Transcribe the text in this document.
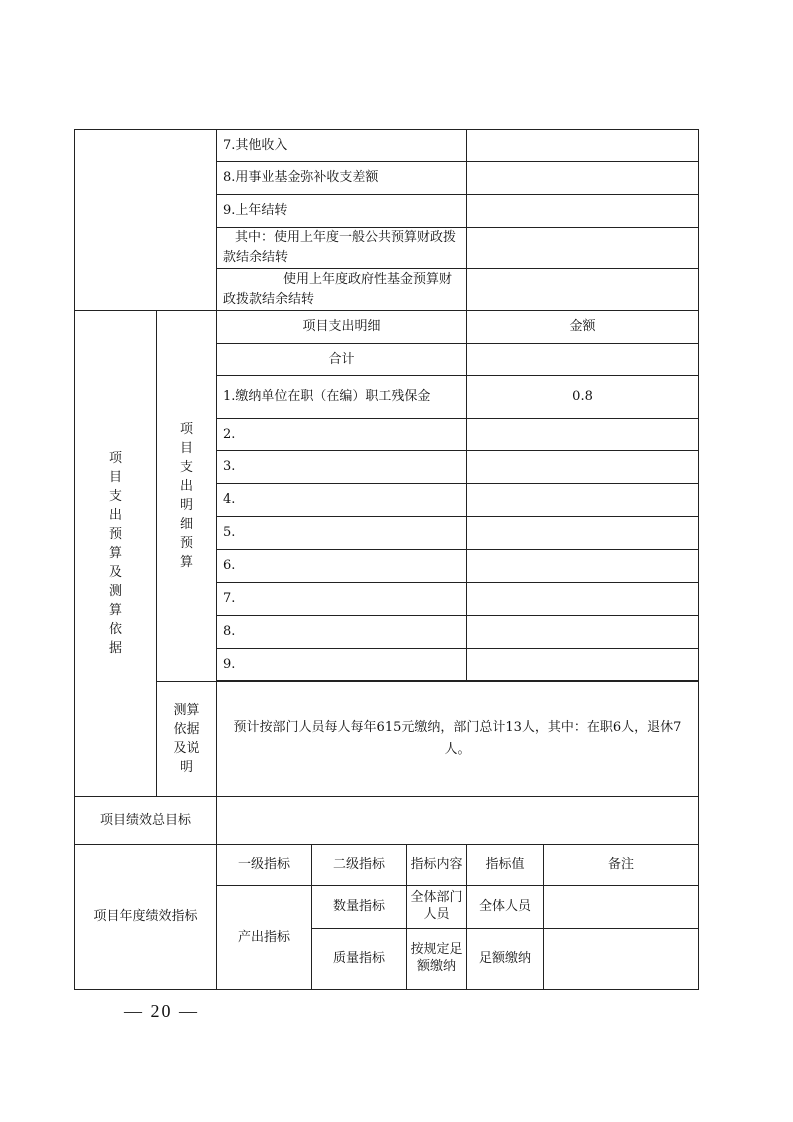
		7.其他收入				
		8.用事业基金弥补收支差额				
		9.上年结转				
		其中：使用上年度一般公共预算财政拨款结余结转				
		使用上年度政府性基金预算财政拨款结余结转				
项目支出预算及测算依据	项目支出明细预算	项目支出明细			金额	
		合计				
		1.缴纳单位在职（在编）职工残保金			0.8	
		2.				
		3.				
		4.				
		5.				
		6.				
		7.				
		8.				
		9.				

	测算依据及说明	预计按部门人员每人每年615元缴纳，部门总计13人，其中：在职6人，退休7人。				
项目绩效总目标						
项目年度绩效指标		一级指标	二级指标	指标内容	指标值	备注
		产出指标	数量指标	全体部门人员	全体人员	
			质量指标	按规定足额缴纳	足额缴纳	
— 20 —
